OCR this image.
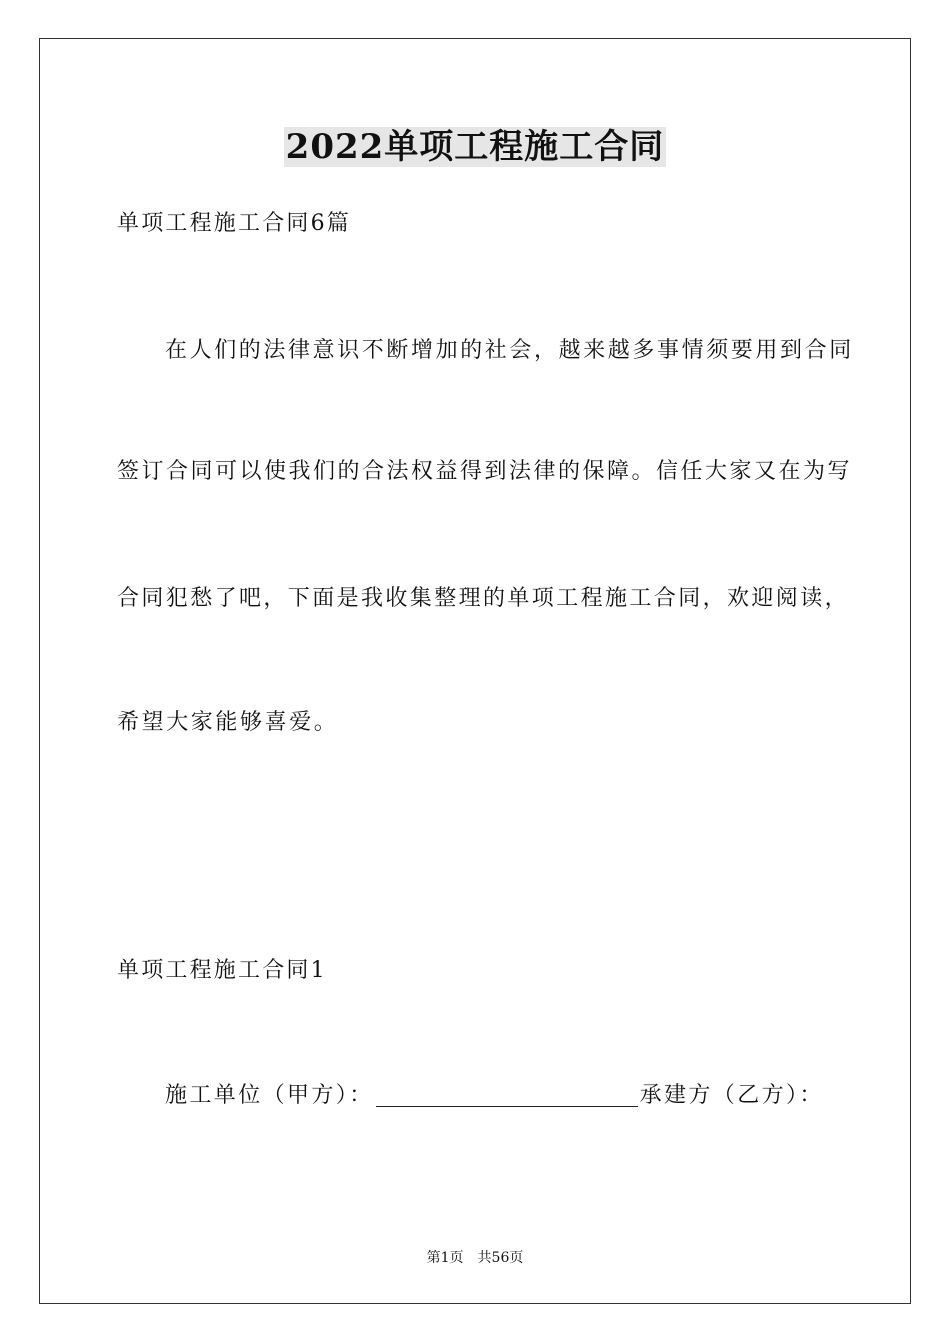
2022单项工程施工合同
单项工程施工合同6篇
在人们的法律意识不断增加的社会，越来越多事情须要用到合同
签订合同可以使我们的合法权益得到法律的保障。信任大家又在为写
合同犯愁了吧，下面是我收集整理的单项工程施工合同，欢迎阅读，
希望大家能够喜爱。
单项工程施工合同1
施工单位（甲方）：	承建方（乙方）：
第1页 共56页
